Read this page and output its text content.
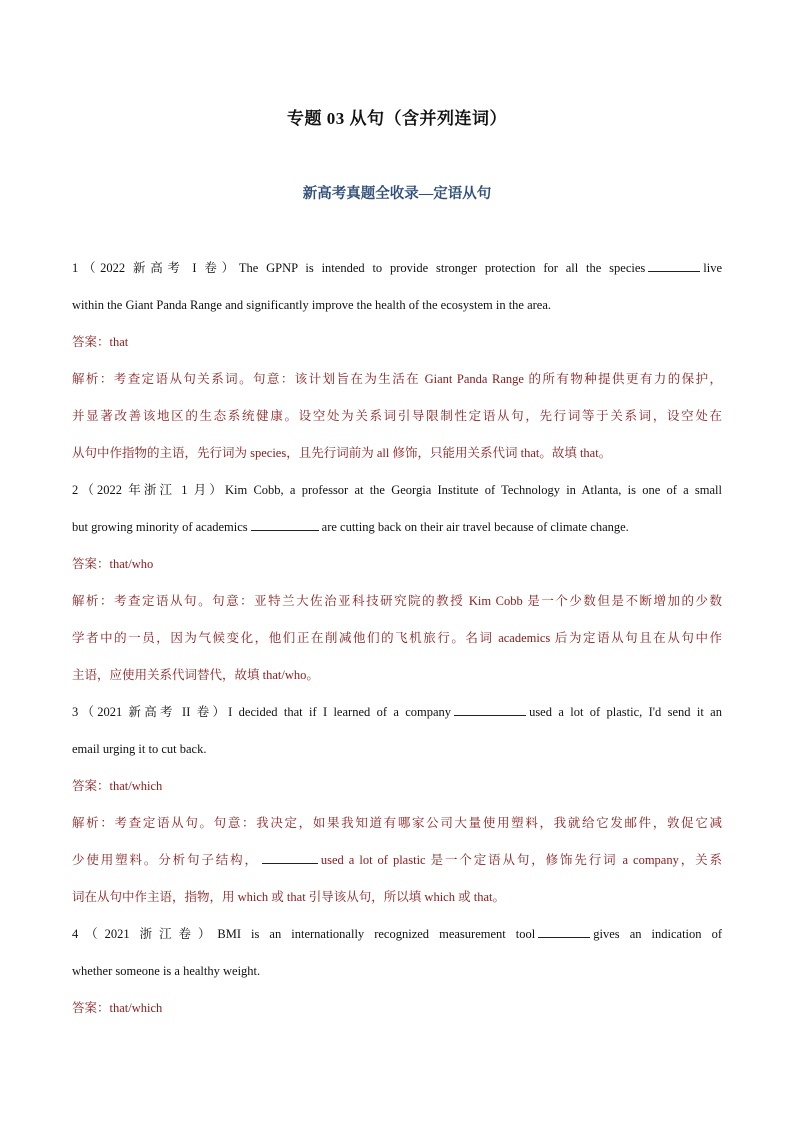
专题 03 从句（含并列连词）
新高考真题全收录—定语从句
1（2022 新高考 I 卷）The GPNP is intended to provide stronger protection for all the species	live
within the Giant Panda Range and significantly improve the health of the ecosystem in the area.
答案：that
解析：考查定语从句关系词。句意：该计划旨在为生活在 Giant Panda Range 的所有物种提供更有力的保护，
并显著改善该地区的生态系统健康。设空处为关系词引导限制性定语从句，先行词等于关系词，设空处在
从句中作指物的主语，先行词为 species，且先行词前为 all 修饰，只能用关系代词 that。故填 that。
2（2022 年浙江 1 月）Kim Cobb, a professor at the Georgia Institute of Technology in Atlanta, is one of a small
but growing minority of academics	are cutting back on their air travel because of climate change.
答案：that/who
解析：考查定语从句。句意：亚特兰大佐治亚科技研究院的教授 Kim Cobb 是一个少数但是不断增加的少数
学者中的一员，因为气候变化，他们正在削减他们的飞机旅行。名词 academics 后为定语从句且在从句中作
主语，应使用关系代词替代，故填 that/who。
3（2021 新高考 II 卷）I decided that if I learned of a company	used a lot of plastic, I'd send it an
email urging it to cut back.
答案：that/which
解析：考查定语从句。句意：我决定，如果我知道有哪家公司大量使用塑料，我就给它发邮件，敦促它减
少使用塑料。分析句子结构，	used a lot of plastic 是一个定语从句，修饰先行词 a company，关系
词在从句中作主语，指物，用 which 或 that 引导该从句，所以填 which 或 that。
4（2021 浙江卷）BMI is an internationally recognized measurement tool	gives an indication of
whether someone is a healthy weight.
答案：that/which
